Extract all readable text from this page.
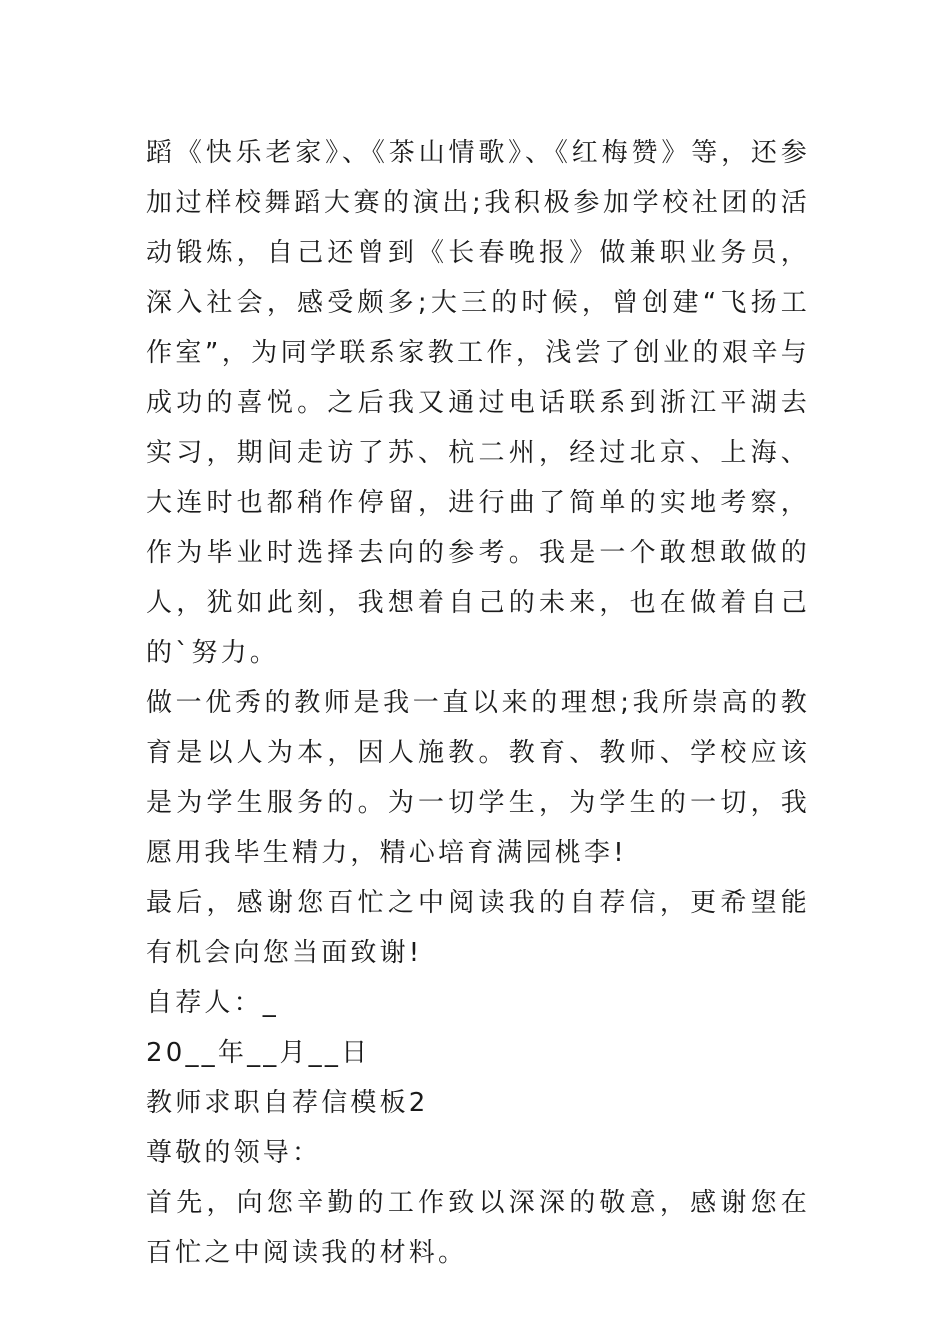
蹈《快乐老家》、《茶山情歌》、《红梅赞》等，还参加过样校舞蹈大赛的演出;我积极参加学校社团的活动锻炼，自己还曾到《长春晚报》做兼职业务员，深入社会，感受颇多;大三的时候，曾创建“飞扬工作室”，为同学联系家教工作，浅尝了创业的艰辛与成功的喜悦。之后我又通过电话联系到浙江平湖去实习，期间走访了苏、杭二州，经过北京、上海、大连时也都稍作停留，进行曲了简单的实地考察，作为毕业时选择去向的参考。我是一个敢想敢做的人，犹如此刻，我想着自己的未来，也在做着自己的`努力。

做一优秀的教师是我一直以来的理想;我所崇高的教育是以人为本，因人施教。教育、教师、学校应该是为学生服务的。为一切学生，为学生的一切，我愿用我毕生精力，精心培育满园桃李!

最后，感谢您百忙之中阅读我的自荐信，更希望能有机会向您当面致谢!

自荐人：_

20__年__月__日

教师求职自荐信模板2

尊敬的领导：

首先，向您辛勤的工作致以深深的敬意，感谢您在百忙之中阅读我的材料。
